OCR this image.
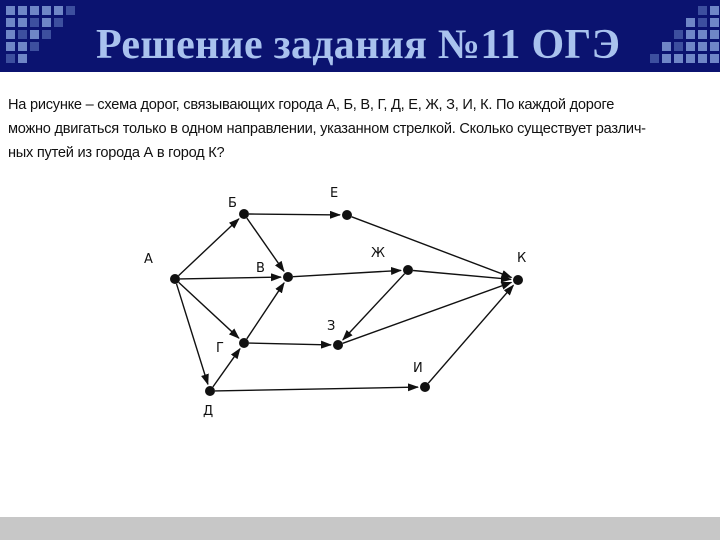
Решение задания №11 ОГЭ
На рисунке – схема дорог, связывающих города А, Б, В, Г, Д, Е, Ж, З, И, К. По каждой дороге
можно двигаться только в одном направлении, указанном стрелкой. Сколько существует различ-
ных путей из города А в город К?
А
Б
В
Г
Д
Е
Ж
З
И
К
